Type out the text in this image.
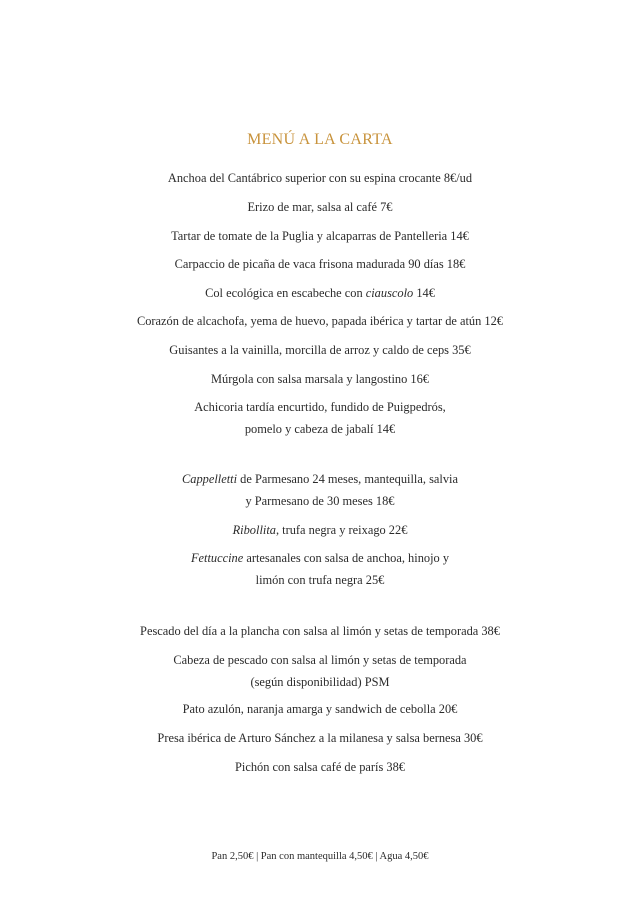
MENÚ A LA CARTA
Anchoa del Cantábrico superior con su espina crocante 8€/ud
Erizo de mar, salsa al café 7€
Tartar de tomate de la Puglia y alcaparras de Pantelleria 14€
Carpaccio de picaña de vaca frisona madurada 90 días 18€
Col ecológica en escabeche con ciauscolo 14€
Corazón de alcachofa, yema de huevo, papada ibérica y tartar de atún 12€
Guisantes a la vainilla, morcilla de arroz y caldo de ceps 35€
Múrgola con salsa marsala y langostino 16€
Achicoria tardía encurtido, fundido de Puigpedrós,
pomelo y cabeza de jabalí 14€
Cappelletti de Parmesano 24 meses, mantequilla, salvia
y Parmesano de 30 meses 18€
Ribollita, trufa negra y reixago 22€
Fettuccine artesanales con salsa de anchoa, hinojo y
limón con trufa negra 25€
Pescado del día a la plancha con salsa al limón y setas de temporada 38€
Cabeza de pescado con salsa al limón y setas de temporada
(según disponibilidad) PSM
Pato azulón, naranja amarga y sandwich de cebolla 20€
Presa ibérica de Arturo Sánchez a la milanesa y salsa bernesa 30€
Pichón con salsa café de parís 38€
Pan 2,50€ | Pan con mantequilla 4,50€ | Agua 4,50€
